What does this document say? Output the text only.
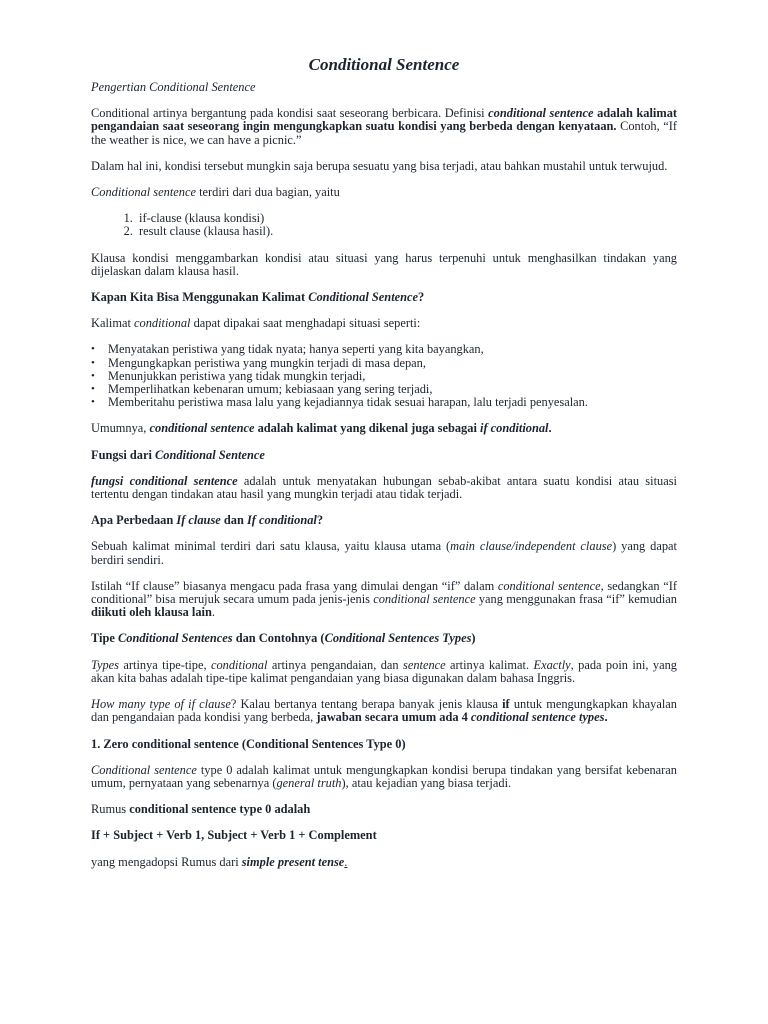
Conditional Sentence
Pengertian Conditional Sentence

Conditional artinya bergantung pada kondisi saat seseorang berbicara. Definisi conditional sentence adalah kalimat pengandaian saat seseorang ingin mengungkapkan suatu kondisi yang berbeda dengan kenyataan. Contoh, “If the weather is nice, we can have a picnic.”

Dalam hal ini, kondisi tersebut mungkin saja berupa sesuatu yang bisa terjadi, atau bahkan mustahil untuk terwujud.

Conditional sentence terdiri dari dua bagian, yaitu

1. if-clause (klausa kondisi)
2. result clause (klausa hasil).

Klausa kondisi menggambarkan kondisi atau situasi yang harus terpenuhi untuk menghasilkan tindakan yang dijelaskan dalam klausa hasil.

Kapan Kita Bisa Menggunakan Kalimat Conditional Sentence?

Kalimat conditional dapat dipakai saat menghadapi situasi seperti:

• Menyatakan peristiwa yang tidak nyata; hanya seperti yang kita bayangkan,
• Mengungkapkan peristiwa yang mungkin terjadi di masa depan,
• Menunjukkan peristiwa yang tidak mungkin terjadi,
• Memperlihatkan kebenaran umum; kebiasaan yang sering terjadi,
• Memberitahu peristiwa masa lalu yang kejadiannya tidak sesuai harapan, lalu terjadi penyesalan.

Umumnya, conditional sentence adalah kalimat yang dikenal juga sebagai if conditional.

Fungsi dari Conditional Sentence

fungsi conditional sentence adalah untuk menyatakan hubungan sebab-akibat antara suatu kondisi atau situasi tertentu dengan tindakan atau hasil yang mungkin terjadi atau tidak terjadi.

Apa Perbedaan If clause dan If conditional?

Sebuah kalimat minimal terdiri dari satu klausa, yaitu klausa utama (main clause/independent clause) yang dapat berdiri sendiri.

Istilah “If clause” biasanya mengacu pada frasa yang dimulai dengan “if” dalam conditional sentence, sedangkan “If conditional” bisa merujuk secara umum pada jenis-jenis conditional sentence yang menggunakan frasa “if” kemudian diikuti oleh klausa lain.

Tipe Conditional Sentences dan Contohnya (Conditional Sentences Types)

Types artinya tipe-tipe, conditional artinya pengandaian, dan sentence artinya kalimat. Exactly, pada poin ini, yang akan kita bahas adalah tipe-tipe kalimat pengandaian yang biasa digunakan dalam bahasa Inggris.

How many type of if clause? Kalau bertanya tentang berapa banyak jenis klausa if untuk mengungkapkan khayalan dan pengandaian pada kondisi yang berbeda, jawaban secara umum ada 4 conditional sentence types.

1. Zero conditional sentence (Conditional Sentences Type 0)

Conditional sentence type 0 adalah kalimat untuk mengungkapkan kondisi berupa tindakan yang bersifat kebenaran umum, pernyataan yang sebenarnya (general truth), atau kejadian yang biasa terjadi.

Rumus conditional sentence type 0 adalah

If + Subject + Verb 1, Subject + Verb 1 + Complement

yang mengadopsi Rumus dari simple present tense.
